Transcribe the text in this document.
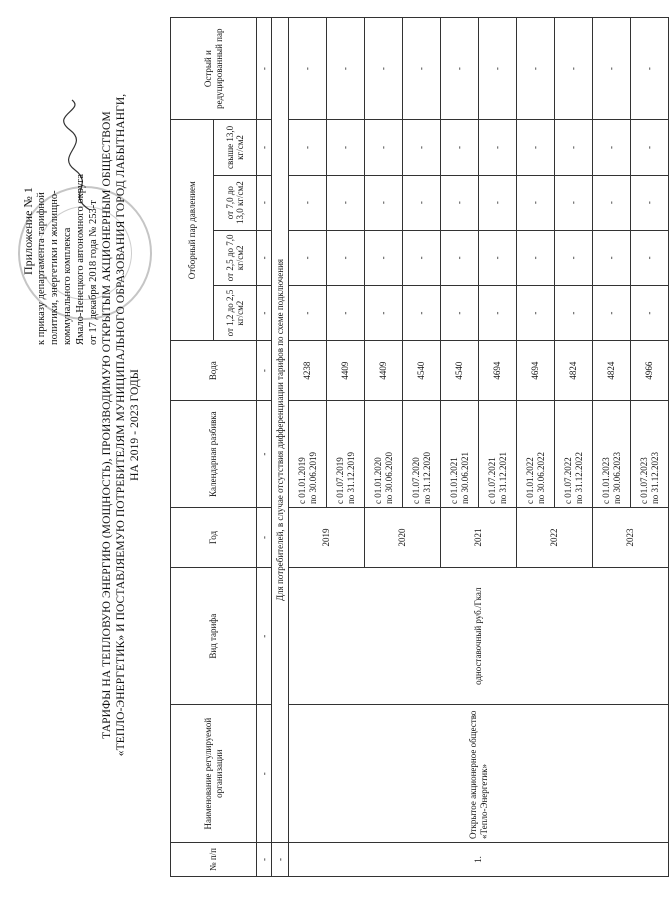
Приложение № 1 к приказу департамента тарифной политики, энергетики и жилищно- коммунального комплекса Ямало-Ненецкого автономного округа от 17 декабря 2018 года № 253-т ТАРИФЫ НА ТЕПЛОВУЮ ЭНЕРГИЮ (МОЩНОСТЬ), ПРОИЗВОДИМУЮ ОТКРЫТЫМ АКЦИОНЕРНЫМ ОБЩЕСТВОМ «ТЕПЛО-ЭНЕРГЕТИК» И ПОСТАВЛЯЕМУЮ ПОТРЕБИТЕЛЯМ МУНИЦИПАЛЬНОГО ОБРАЗОВАНИЯ ГОРОД ЛАБЫТНАНГИ, НА 2019 - 2023 ГОДЫ
№ п/п	Наименование регулируемой организации	Вид тарифа	Год	Календарная разбивка	Вода	Отборный пар давлением				Острый и редуцированный пар
						от 1,2 до 2,5 кг/см2	от 2,5 до 7,0 кг/см2	от 7,0 до 13,0 кг/см2	свыше 13,0 кг/см2	
-	-	-	-	-	-	-	-	-	-	-
-	Для потребителей, в случае отсутствия дифференциации тарифов по схеме подключения									
1.	Открытое акционерное общество «Тепло-Энергетик»	одноставочный руб./Гкал	2019	с 01.01.2019 по 30.06.2019	4238	-	-	-	-	-

				с 01.07.2019 по 31.12.2019	4409	-	-	-	-	-
			2020	с 01.01.2020 по 30.06.2020	4409	-	-	-	-	-

				с 01.07.2020 по 31.12.2020	4540	-	-	-	-	-
			2021	с 01.01.2021 по 30.06.2021	4540	-	-	-	-	-

				с 01.07.2021 по 31.12.2021	4694	-	-	-	-	-
			2022	с 01.01.2022 по 30.06.2022	4694	-	-	-	-	-

				с 01.07.2022 по 31.12.2022	4824	-	-	-	-	-
			2023	с 01.01.2023 по 30.06.2023	4824	-	-	-	-	-

				с 01.07.2023 по 31.12.2023	4966	-	-	-	-	-
